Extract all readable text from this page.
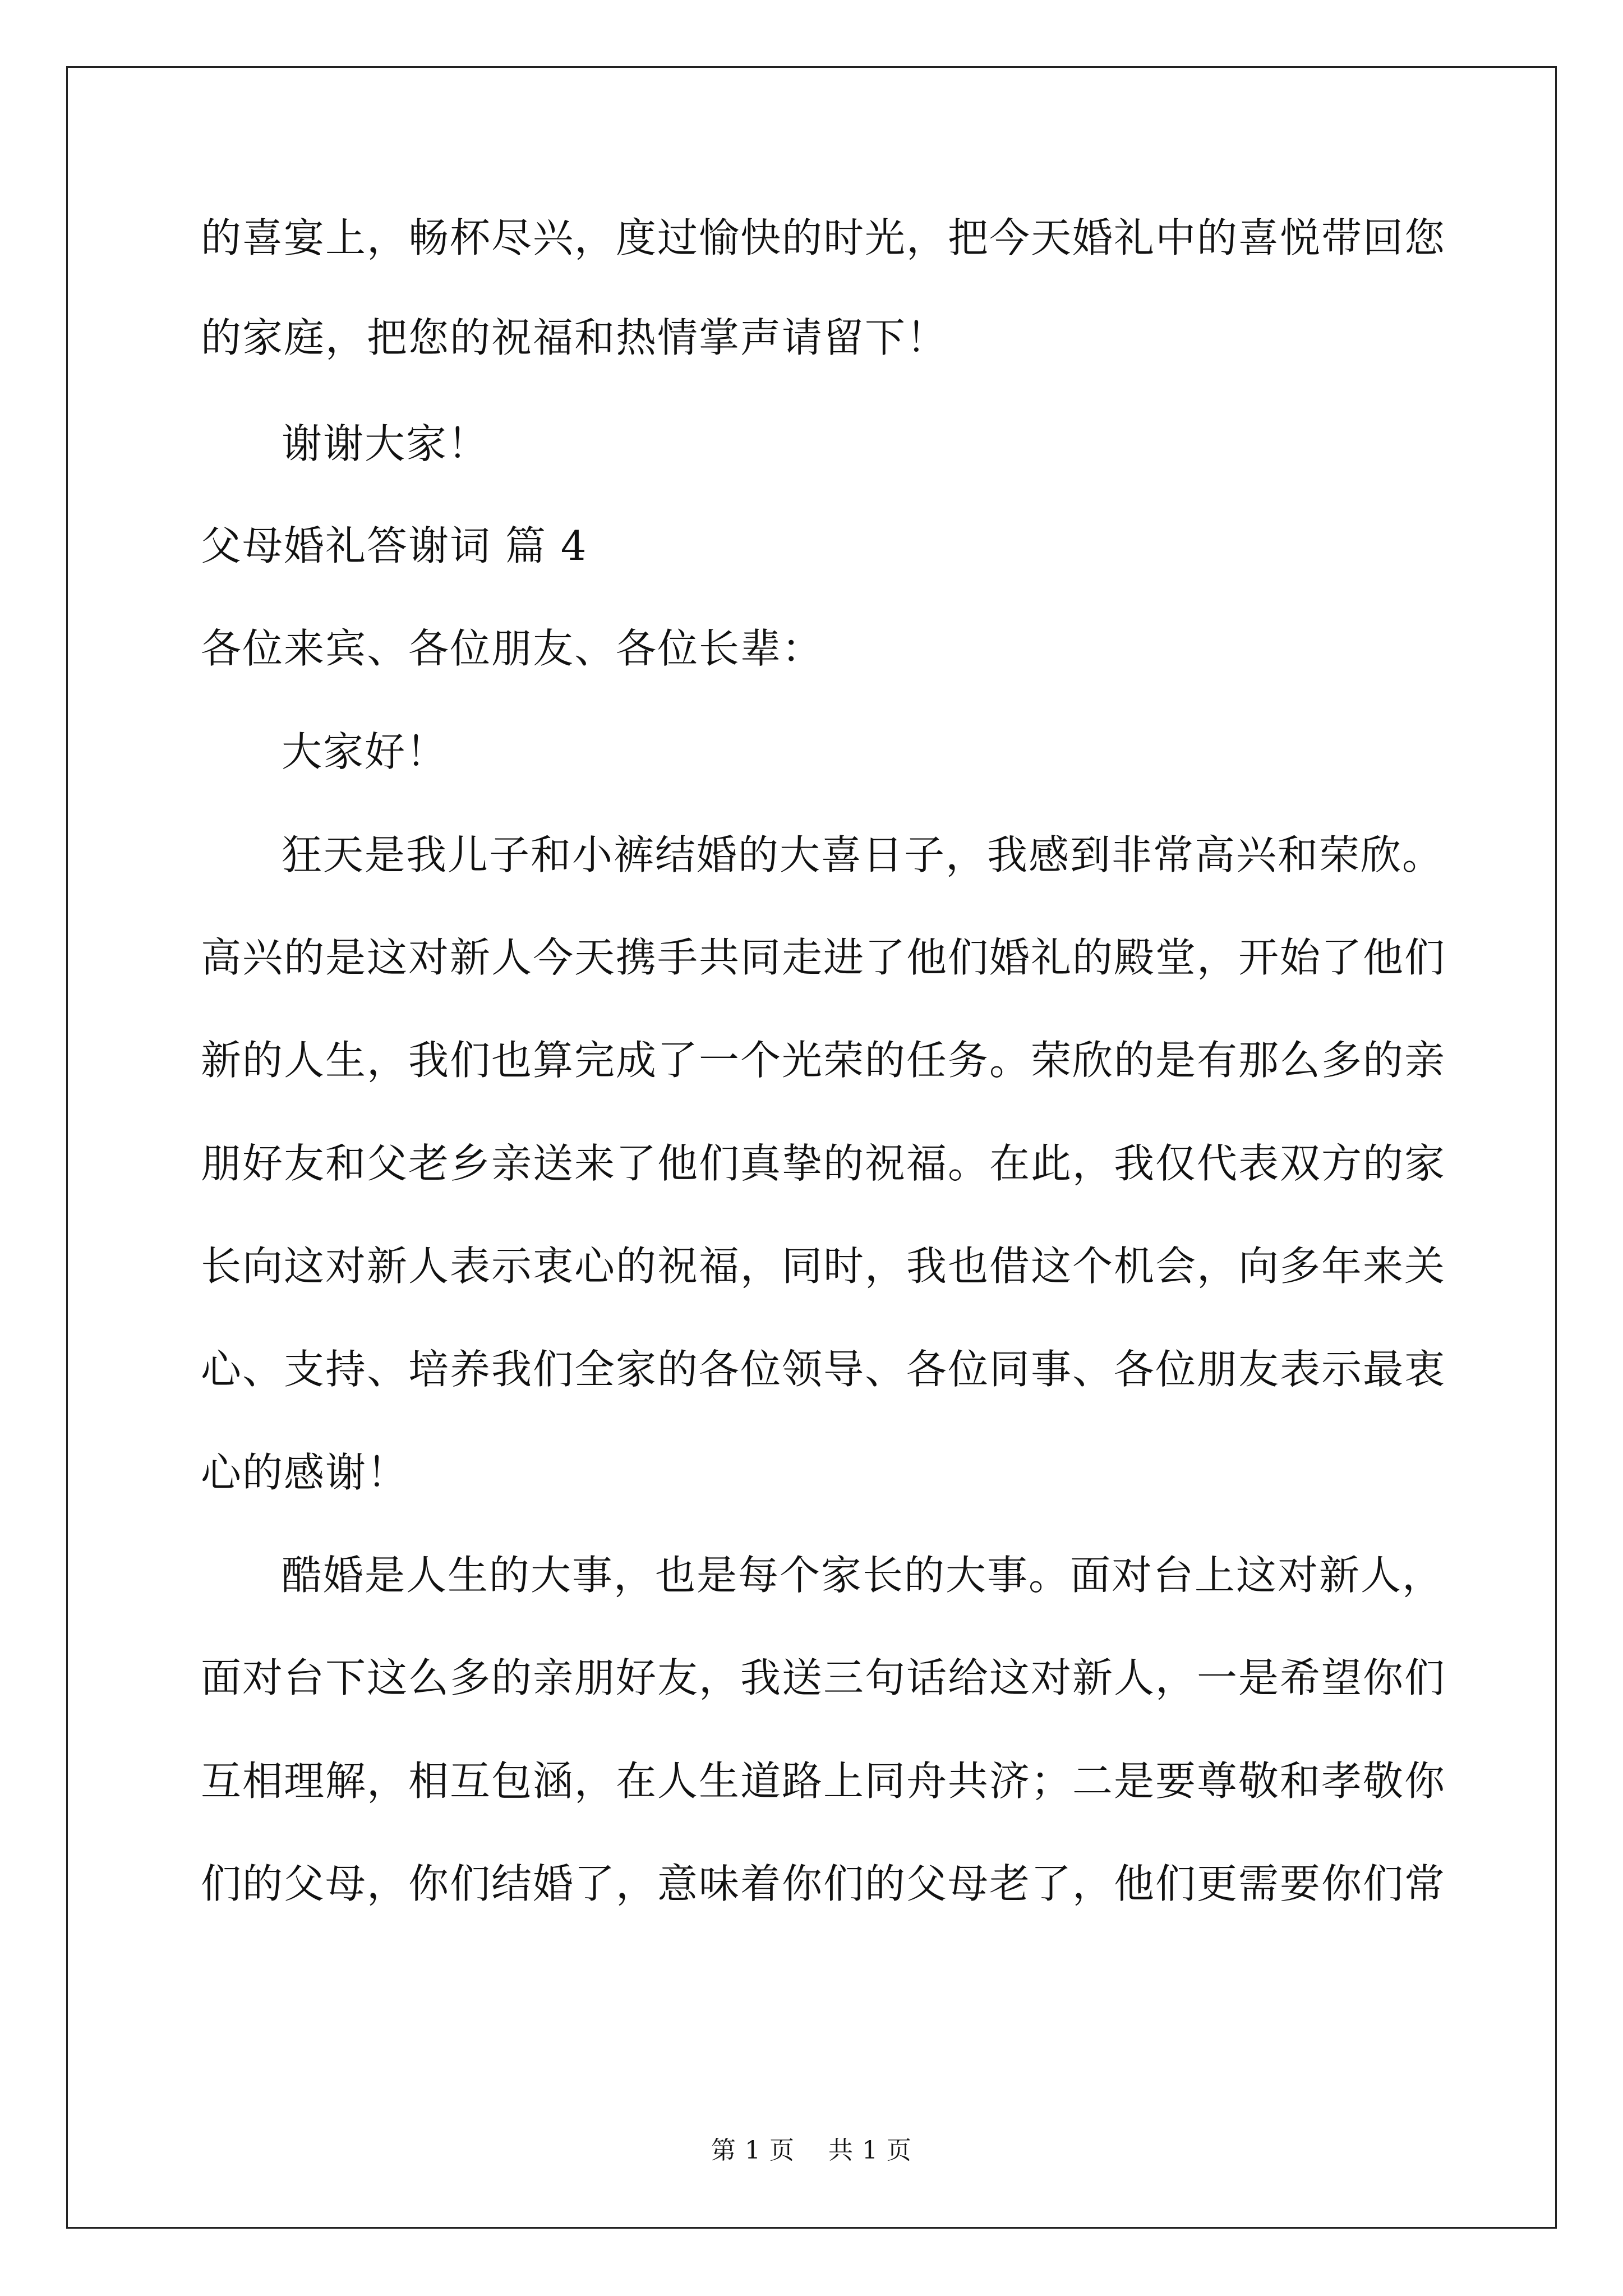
的喜宴上，畅杯尽兴，度过愉快的时光，把今天婚礼中的喜悦带回您
的家庭，把您的祝福和热情掌声请留下！
谢谢大家！
父母婚礼答谢词 篇 4
各位来宾、各位朋友、各位长辈：
大家好！
狂天是我儿子和小裤结婚的大喜日子，我感到非常高兴和荣欣。
高兴的是这对新人今天携手共同走进了他们婚礼的殿堂，开始了他们
新的人生，我们也算完成了一个光荣的任务。荣欣的是有那么多的亲
朋好友和父老乡亲送来了他们真挚的祝福。在此，我仅代表双方的家
长向这对新人表示衷心的祝福，同时，我也借这个机会，向多年来关
心、支持、培养我们全家的各位领导、各位同事、各位朋友表示最衷
心的感谢！
酷婚是人生的大事，也是每个家长的大事。面对台上这对新人，
面对台下这么多的亲朋好友，我送三句话给这对新人，一是希望你们
互相理解，相互包涵，在人生道路上同舟共济；二是要尊敬和孝敬你
们的父母，你们结婚了，意味着你们的父母老了，他们更需要你们常
第 1 页 共 1 页
